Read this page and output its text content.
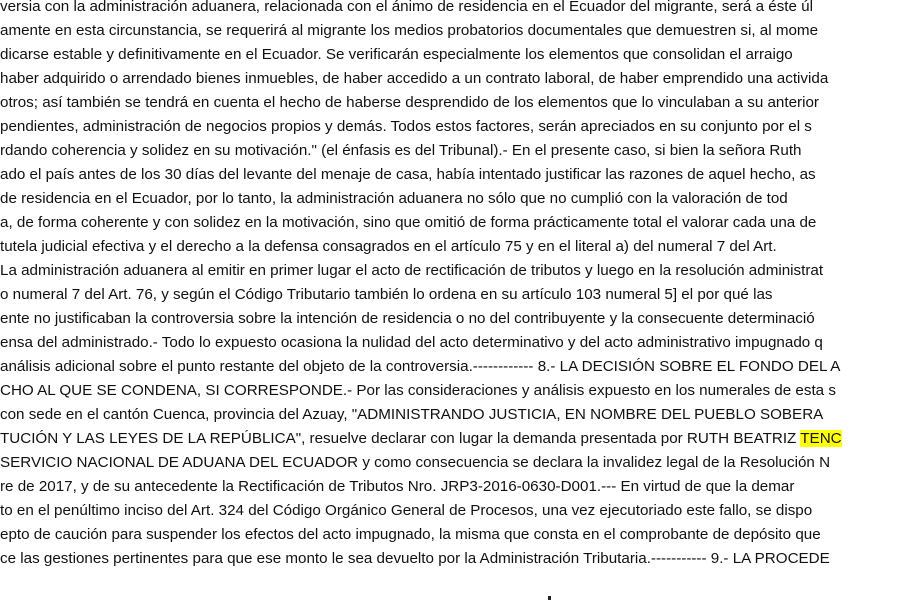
versia con la administración aduanera, relacionada con el ánimo de residencia en el Ecuador del migrante, será a éste úl
amente en esta circunstancia, se requerirá al migrante los medios probatorios documentales que demuestren si, al mome
dicarse estable y definitivamente en el Ecuador. Se verificarán especialmente los elementos que consolidan el arraigo
haber adquirido o arrendado bienes inmuebles, de haber accedido a un contrato laboral, de haber emprendido una activida
otros; así también se tendrá en cuenta el hecho de haberse desprendido de los elementos que lo vinculaban a su anterior
pendientes, administración de negocios propios y demás. Todos estos factores, serán apreciados en su conjunto por el s
rdando coherencia y solidez en su motivación." (el énfasis es del Tribunal).- En el presente caso, si bien la señora Ruth
ado el país antes de los 30 días del levante del menaje de casa, había intentado justificar las razones de aquel hecho, as
de residencia en el Ecuador, por lo tanto, la administración aduanera no sólo que no cumplió con la valoración de tod
a, de forma coherente y con solidez en la motivación, sino que omitió de forma prácticamente total el valorar cada una de
tutela judicial efectiva y el derecho a la defensa consagrados en el artículo 75 y en el literal a) del numeral 7 del Art.
La administración aduanera al emitir en primer lugar el acto de rectificación de tributos y luego en la resolución administrat
o numeral 7 del Art. 76, y según el Código Tributario también lo ordena en su artículo 103 numeral 5] el por qué las
ente no justificaban la controversia sobre la intención de residencia o no del contribuyente y la consecuente determinació
ensa del administrado.- Todo lo expuesto ocasiona la nulidad del acto determinativo y del acto administrativo impugnado q
análisis adicional sobre el punto restante del objeto de la controversia.------------ 8.- LA DECISIÓN SOBRE EL FONDO DEL A
CHO AL QUE SE CONDENA, SI CORRESPONDE.- Por las consideraciones y análisis expuesto en los numerales de esta s
con sede en el cantón Cuenca, provincia del Azuay, "ADMINISTRANDO JUSTICIA, EN NOMBRE DEL PUEBLO SOBERA
TUCIÓN Y LAS LEYES DE LA REPÚBLICA", resuelve declarar con lugar la demanda presentada por RUTH BEATRIZ TENC
SERVICIO NACIONAL DE ADUANA DEL ECUADOR y como consecuencia se declara la invalidez legal de la Resolución N
re de 2017, y de su antecedente la Rectificación de Tributos Nro. JRP3-2016-0630-D001.--- En virtud de que la demar
to en el penúltimo inciso del Art. 324 del Código Orgánico General de Procesos, una vez ejecutoriado este fallo, se dispo
epto de caución para suspender los efectos del acto impugnado, la misma que consta en el comprobante de depósito que
ce las gestiones pertinentes para que ese monto le sea devuelto por la Administración Tributaria.----------- 9.- LA PROCEDE
